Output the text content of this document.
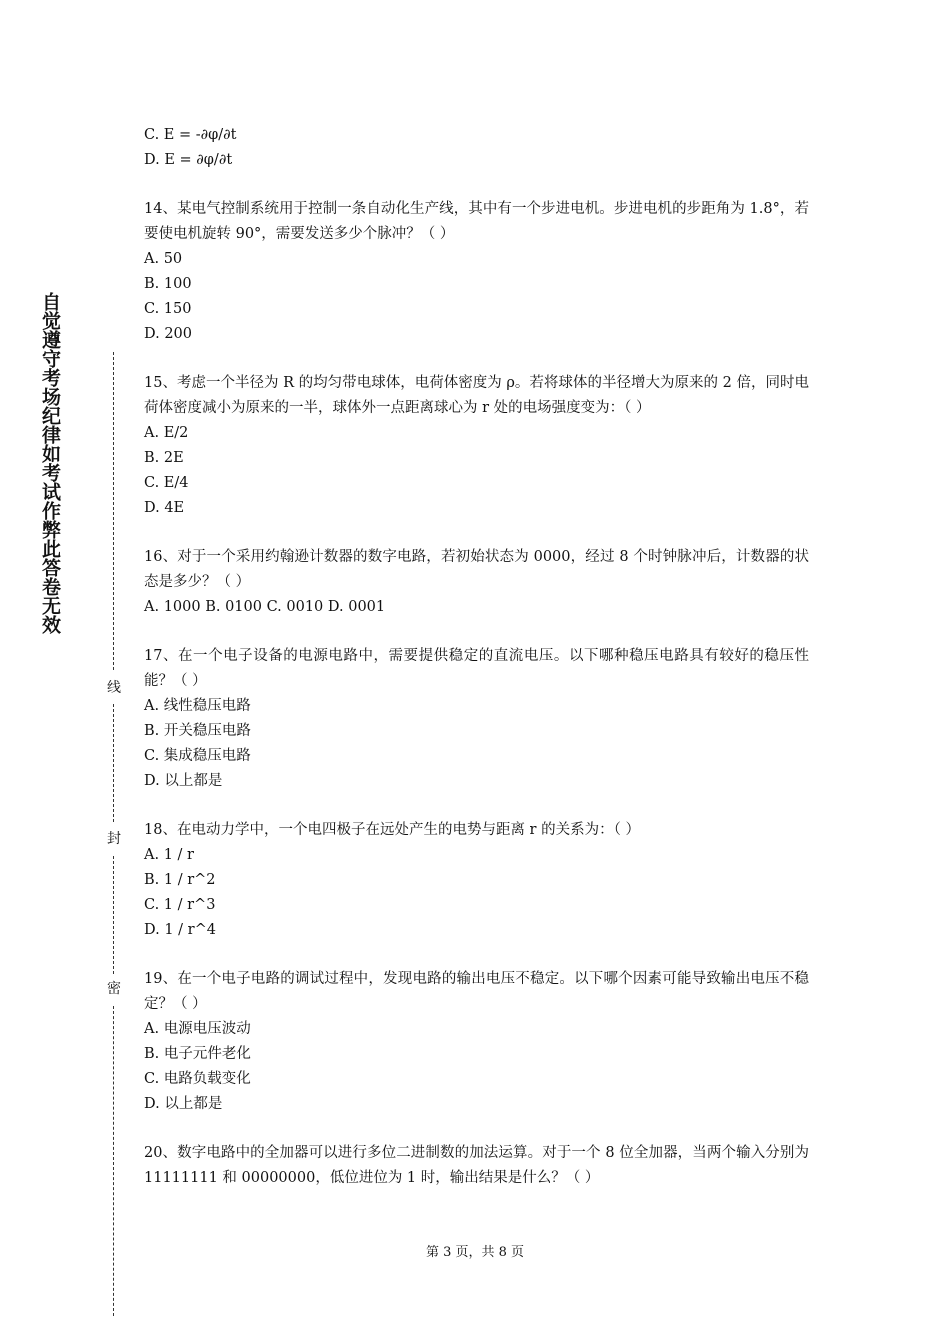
自觉遵守考场纪律如考试作弊此答卷无效
线
封
密
C. E = -∂φ/∂t
D. E = ∂φ/∂t
14、某电气控制系统用于控制一条自动化生产线，其中有一个步进电机。步进电机的步距角为 1.8°，若要使电机旋转 90°，需要发送多少个脉冲？（ ）
A. 50
B. 100
C. 150
D. 200
15、考虑一个半径为 R 的均匀带电球体，电荷体密度为 ρ。若将球体的半径增大为原来的 2 倍，同时电荷体密度减小为原来的一半，球体外一点距离球心为 r 处的电场强度变为：（ ）
A. E/2
B. 2E
C. E/4
D. 4E
16、对于一个采用约翰逊计数器的数字电路，若初始状态为 0000，经过 8 个时钟脉冲后，计数器的状态是多少？（ ）
A. 1000 B. 0100 C. 0010 D. 0001
17、在一个电子设备的电源电路中，需要提供稳定的直流电压。以下哪种稳压电路具有较好的稳压性能？（ ）
A. 线性稳压电路
B. 开关稳压电路
C. 集成稳压电路
D. 以上都是
18、在电动力学中，一个电四极子在远处产生的电势与距离 r 的关系为：（ ）
A. 1 / r
B. 1 / r^2
C. 1 / r^3
D. 1 / r^4
19、在一个电子电路的调试过程中，发现电路的输出电压不稳定。以下哪个因素可能导致输出电压不稳定？（ ）
A. 电源电压波动
B. 电子元件老化
C. 电路负载变化
D. 以上都是
20、数字电路中的全加器可以进行多位二进制数的加法运算。对于一个 8 位全加器，当两个输入分别为 11111111 和 00000000，低位进位为 1 时，输出结果是什么？（ ）
第 3 页，共 8 页
